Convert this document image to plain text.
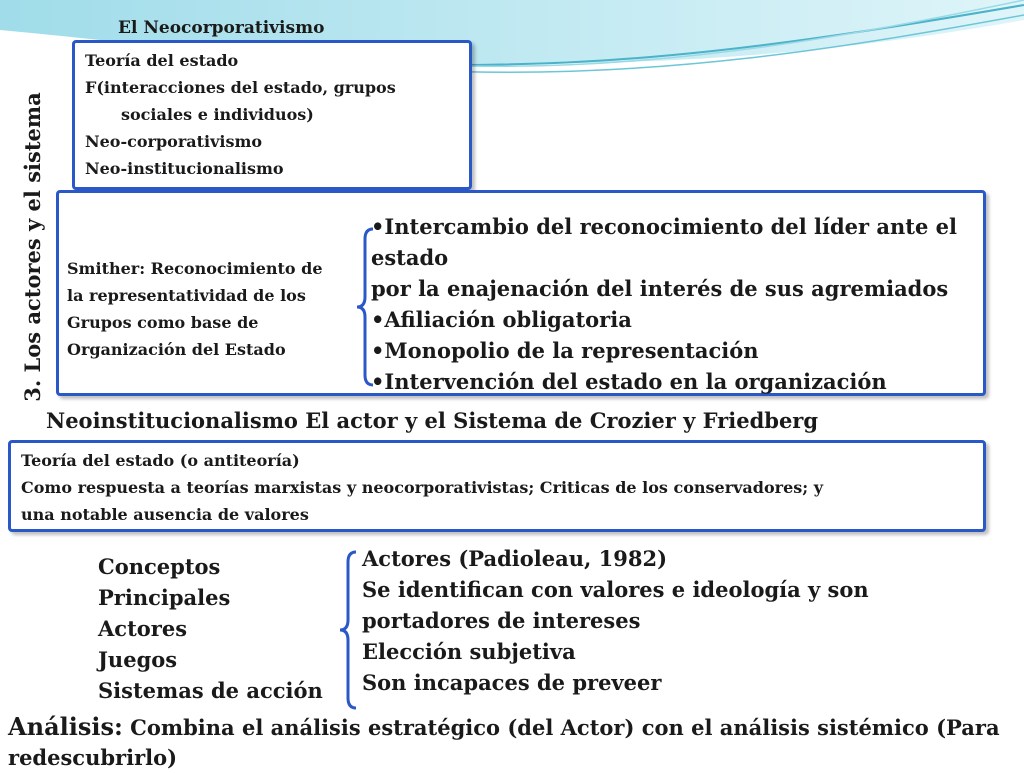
El Neocorporativismo
3. Los actores y el sistema
Teoría del estado
F(interacciones del estado, grupos
sociales e individuos)
Neo-corporativismo
Neo-institucionalismo
Smither: Reconocimiento de
la representatividad de los
Grupos como base de
Organización del Estado
•Intercambio del reconocimiento del líder ante el
estado
por la enajenación del interés de sus agremiados
•Afiliación obligatoria
•Monopolio de la representación
•Intervención del estado en la organización
Neoinstitucionalismo El actor y el Sistema de Crozier y Friedberg
Teoría del estado (o antiteoría)
Como respuesta a teorías marxistas y neocorporativistas; Criticas de los conservadores; y
una notable ausencia de valores
Conceptos
Principales
Actores
Juegos
Sistemas de acción
Actores (Padioleau, 1982)
Se identifican con valores e ideología y son
portadores de intereses
Elección subjetiva
Son incapaces de preveer
Análisis: Combina el análisis estratégico (del Actor) con el análisis sistémico (Para
redescubrirlo)
